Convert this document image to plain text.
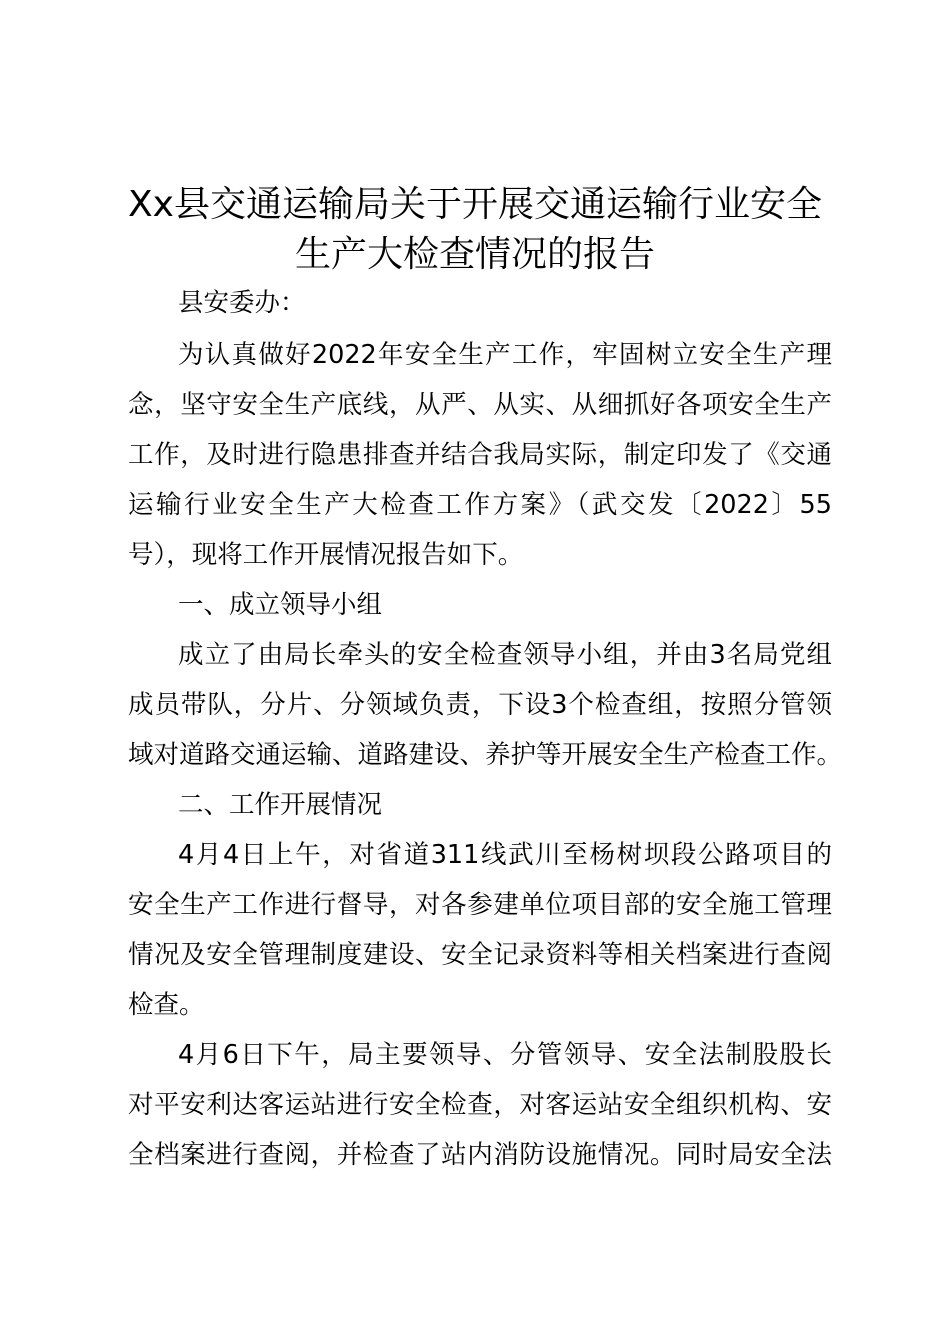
Xx县交通运输局关于开展交通运输行业安全
生产大检查情况的报告
县安委办：
为认真做好2022年安全生产工作，牢固树立安全生产理
念，坚守安全生产底线，从严、从实、从细抓好各项安全生产
工作，及时进行隐患排查并结合我局实际，制定印发了《交通
运输行业安全生产大检查工作方案》（武交发〔2022〕55
号），现将工作开展情况报告如下。
一、成立领导小组
成立了由局长牵头的安全检查领导小组，并由3名局党组
成员带队，分片、分领域负责，下设3个检查组，按照分管领
域对道路交通运输、道路建设、养护等开展安全生产检查工作。
二、工作开展情况
4月4日上午，对省道311线武川至杨树坝段公路项目的
安全生产工作进行督导，对各参建单位项目部的安全施工管理
情况及安全管理制度建设、安全记录资料等相关档案进行查阅
检查。
4月6日下午，局主要领导、分管领导、安全法制股股长
对平安利达客运站进行安全检查，对客运站安全组织机构、安
全档案进行查阅，并检查了站内消防设施情况。同时局安全法
